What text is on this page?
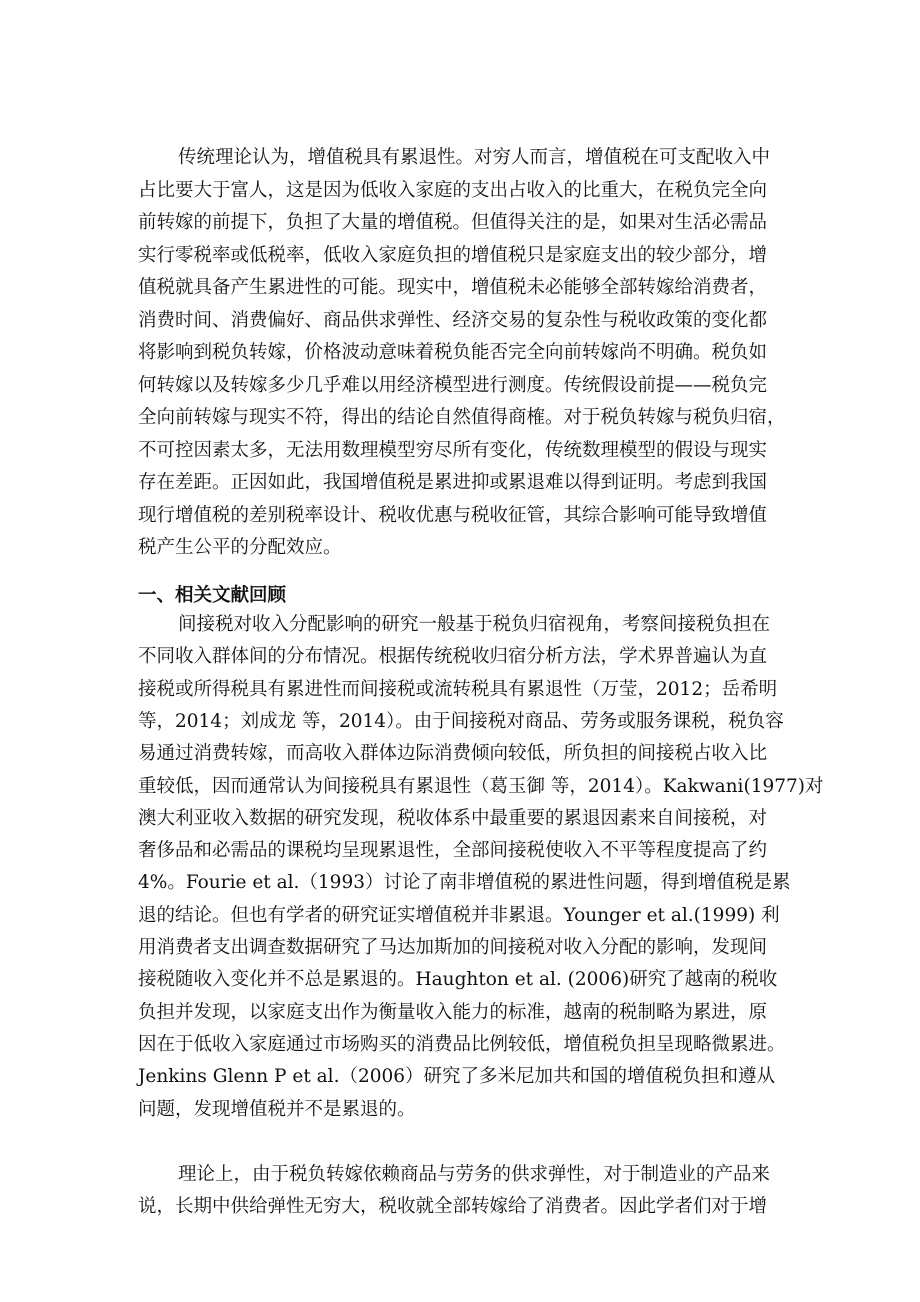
传统理论认为，增值税具有累退性。对穷人而言，增值税在可支配收入中
占比要大于富人，这是因为低收入家庭的支出占收入的比重大，在税负完全向
前转嫁的前提下，负担了大量的增值税。但值得关注的是，如果对生活必需品
实行零税率或低税率，低收入家庭负担的增值税只是家庭支出的较少部分，增
值税就具备产生累进性的可能。现实中，增值税未必能够全部转嫁给消费者，
消费时间、消费偏好、商品供求弹性、经济交易的复杂性与税收政策的变化都
将影响到税负转嫁，价格波动意味着税负能否完全向前转嫁尚不明确。税负如
何转嫁以及转嫁多少几乎难以用经济模型进行测度。传统假设前提——税负完
全向前转嫁与现实不符，得出的结论自然值得商榷。对于税负转嫁与税负归宿，
不可控因素太多，无法用数理模型穷尽所有变化，传统数理模型的假设与现实
存在差距。正因如此，我国增值税是累进抑或累退难以得到证明。考虑到我国
现行增值税的差别税率设计、税收优惠与税收征管，其综合影响可能导致增值
税产生公平的分配效应。
一、相关文献回顾
间接税对收入分配影响的研究一般基于税负归宿视角，考察间接税负担在
不同收入群体间的分布情况。根据传统税收归宿分析方法，学术界普遍认为直
接税或所得税具有累进性而间接税或流转税具有累退性（万莹，2012；岳希明
等，2014；刘成龙 等，2014）。由于间接税对商品、劳务或服务课税，税负容
易通过消费转嫁，而高收入群体边际消费倾向较低，所负担的间接税占收入比
重较低，因而通常认为间接税具有累退性（葛玉御 等，2014）。Kakwani(1977)对
澳大利亚收入数据的研究发现，税收体系中最重要的累退因素来自间接税，对
奢侈品和必需品的课税均呈现累退性，全部间接税使收入不平等程度提高了约
4%。Fourie et al.（1993）讨论了南非增值税的累进性问题，得到增值税是累
退的结论。但也有学者的研究证实增值税并非累退。Younger et al.(1999) 利
用消费者支出调查数据研究了马达加斯加的间接税对收入分配的影响，发现间
接税随收入变化并不总是累退的。Haughton et al. (2006)研究了越南的税收
负担并发现，以家庭支出作为衡量收入能力的标准，越南的税制略为累进，原
因在于低收入家庭通过市场购买的消费品比例较低，增值税负担呈现略微累进。
Jenkins Glenn P et al.（2006）研究了多米尼加共和国的增值税负担和遵从
问题，发现增值税并不是累退的。
理论上，由于税负转嫁依赖商品与劳务的供求弹性，对于制造业的产品来
说，长期中供给弹性无穷大，税收就全部转嫁给了消费者。因此学者们对于增
